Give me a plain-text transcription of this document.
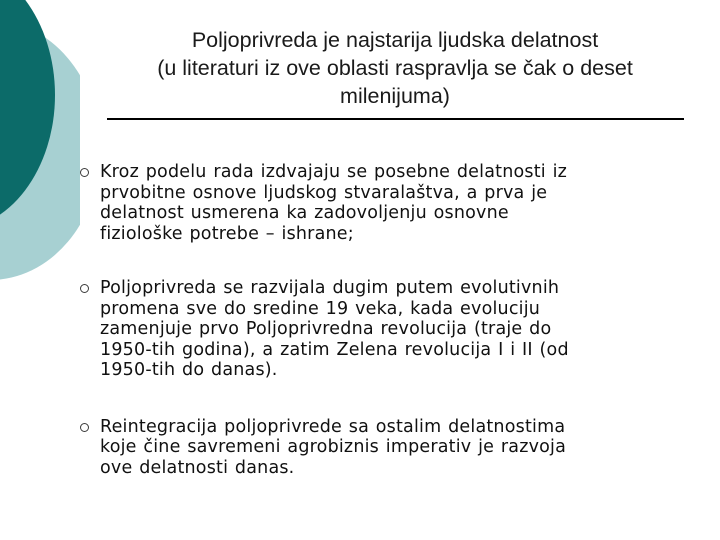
Poljoprivreda je najstarija ljudska delatnost
(u literaturi iz ove oblasti raspravlja se čak o deset
milenijuma)
Kroz podelu rada izdvajaju se posebne delatnosti iz
prvobitne osnove ljudskog stvaralaštva, a prva je
delatnost usmerena ka zadovoljenju osnovne
fiziološke potrebe – ishrane;
Poljoprivreda se razvijala dugim putem evolutivnih
promena sve do sredine 19 veka, kada evoluciju
zamenjuje prvo Poljoprivredna revolucija (traje do
1950-tih godina), a zatim Zelena revolucija I i II (od
1950-tih do danas).
Reintegracija poljoprivrede sa ostalim delatnostima
koje čine savremeni agrobiznis imperativ je razvoja
ove delatnosti danas.
